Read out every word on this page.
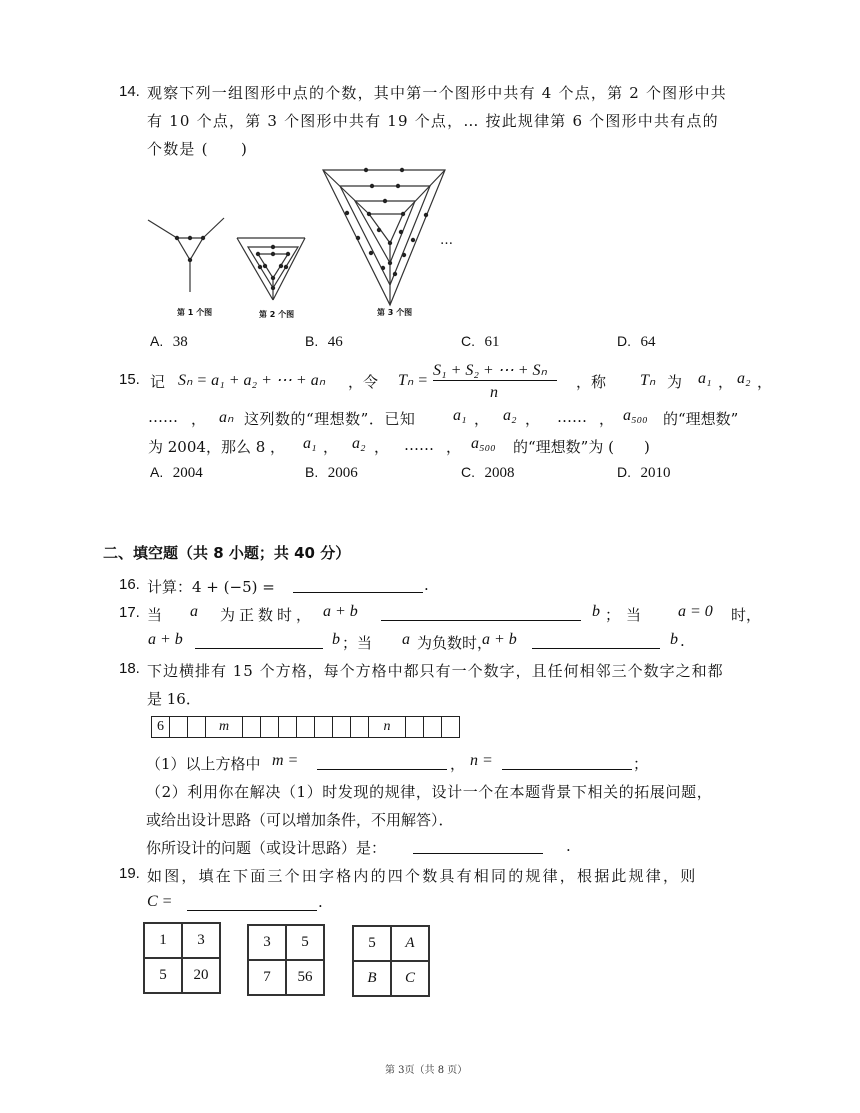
14. 观察下列一组图形中点的个数，其中第一个图形中共有 4 个点，第 2 个图形中共
有 10 个点，第 3 个图形中共有 19 个点，… 按此规律第 6 个图形中共有点的
个数是 (　　)
…
第 1 个图	第 2 个图	第 3 个图
A. 38	B. 46	C. 61	D. 64
15. 记 Sₙ = a₁ + a₂ + ⋯ + aₙ ，令 Tₙ =
S₁ + S₂ + ⋯ + Sₙ
n
，称 Tₙ 为 a₁ ， a₂ ，
…… ， aₙ 这列数的“理想数”．已知 a₁ ， a₂ ， …… ， a₅₀₀ 的“理想数”
为 2004，那么 8 ， a₁ ， a₂ ， …… ， a₅₀₀ 的“理想数”为 (　　)
A. 2004	B. 2006	C. 2008	D. 2010
二、填空题（共 8 小题；共 40 分）
16. 计算：4 + (−5) =	.
17. 当 a 为正数时， a + b	b ；当 a = 0 时，
a + b	b ；当 a 为负数时，
a + b	b .
18. 下边横排有 15 个方格，每个方格中都只有一个数字，且任何相邻三个数字之和都
是 16．
6			m								n			
（1）以上方格中 m =	， n =	；
（2）利用你在解决（1）时发现的规律，设计一个在本题背景下相关的拓展问题，
或给出设计思路（可以增加条件，不用解答）．
你所设计的问题（或设计思路）是：	.
19. 如图，填在下面三个田字格内的四个数具有相同的规律，根据此规律，则
C =	.
1	3
5	20
3	5
7	56
5	A
B	C
第 3页（共 8 页）
